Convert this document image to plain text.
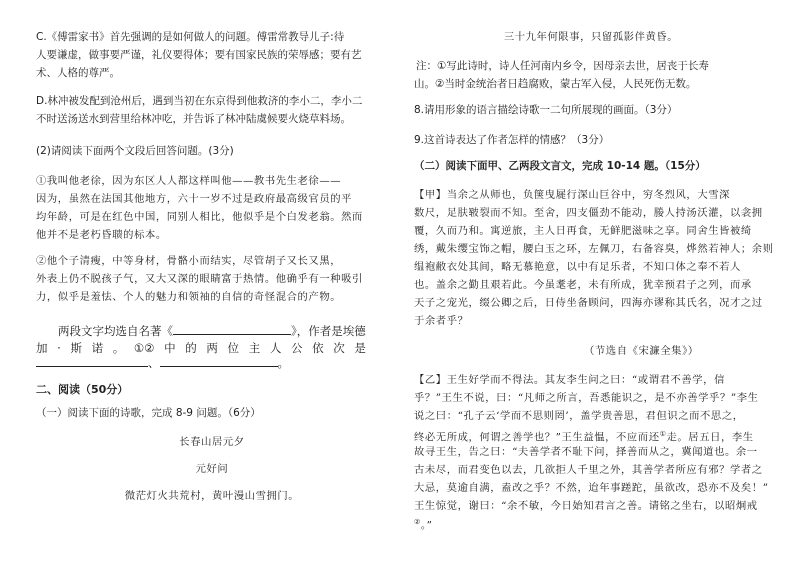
C.《傅雷家书》首先强调的是如何做人的问题。傅雷常教导儿子:待
人要谦虚，做事要严谨，礼仪要得体；要有国家民族的荣辱感；要有艺
术、人格的尊严。
D.林冲被发配到沧州后，遇到当初在东京得到他救济的李小二，李小二
不时送汤送水到营里给林冲吃，并告诉了林冲陆虞候要火烧草料场。
(2)请阅读下面两个文段后回答问题。(3分)
①我叫他老徐，因为东区人人都这样叫他——教书先生老徐——
因为，虽然在法国其他地方，六十一岁不过是政府最高级官员的平
均年龄，可是在红色中国，同别人相比，他似乎是个白发老翁。然而
他并不是老朽昏聩的标本。
②他个子清瘦，中等身材，骨骼小而结实，尽管胡子又长又黑，
外表上仍不脱孩子气，又大又深的眼睛富于热情。他确乎有一种吸引
力，似乎是羞怯、个人的魅力和领袖的自信的奇怪混合的产物。
两段文字均选自名著《	》，作者是埃德
加 · 斯 诺 。 ①② 中 的 两 位 主 人 公 依 次 是
、	。
二、阅读（50分）
（一）阅读下面的诗歌，完成 8-9 问题。（6分）
长春山居元夕
元好问
微茫灯火共荒村，黄叶漫山雪拥门。
三十九年何限事，只留孤影伴黄昏。
注：①写此诗时，诗人任河南内乡令，因母亲去世，居丧于长寿
山。②当时金统治者日趋腐败，蒙古军入侵，人民死伤无数。
8.请用形象的语言描绘诗歌一二句所展现的画面。（3分）
9.这首诗表达了作者怎样的情感？（3分）
（二）阅读下面甲、乙两段文言文，完成 10-14 题。（15分）
【甲】当余之从师也，负箧曳屣行深山巨谷中，穷冬烈风，大雪深
数尺，足肤皲裂而不知。至舍，四支僵劲不能动，媵人持汤沃灌，以衾拥
覆，久而乃和。寓逆旅，主人日再食，无鲜肥滋味之享。同舍生皆被绮
绣，戴朱缨宝饰之帽，腰白玉之环，左佩刀，右备容臭，烨然若神人；余则
缊袍敝衣处其间，略无慕艳意，以中有足乐者，不知口体之奉不若人
也。盖余之勤且艰若此。今虽耄老，未有所成，犹幸预君子之列，而承
天子之宠光，缀公卿之后，日侍坐备顾问，四海亦谬称其氏名，况才之过
于余者乎？
（节选自《宋濂全集》）
【乙】王生好学而不得法。其友李生问之曰：“或谓君不善学，信
乎？”王生不说，曰：“凡师之所言，吾悉能识之，是不亦善学乎？”李生
说之曰：“孔子云‘学而不思则罔’，盖学贵善思，君但识之而不思之，
终必无所成，何谓之善学也？”王生益愠，不应而还①走。居五日，李生
故寻王生，告之曰：“夫善学者不耻下问，择善而从之，冀闻道也。余一
古未尽，而君变色以去，几欲拒人千里之外，其善学者所应有邪？学者之
大忌，莫逾自满，盍改之乎？不然，迨年事蹉跎，虽欲改，恐亦不及矣！”
王生惊觉，谢曰：“余不敏，今日始知君言之善。请铭之坐右，以昭炯戒
②。”
